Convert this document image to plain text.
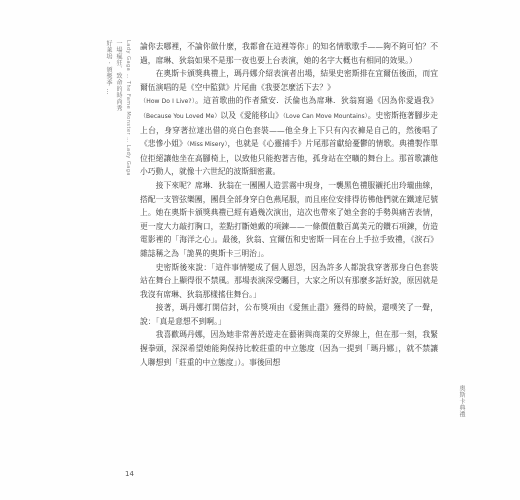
好萊塢 · 頒獎季 … 一場瘋狂、致命的時尚秀 Lady Gaga … The Fame Monster … Lady Gaga 論你去哪裡，不論你做什麼，我都會在這裡等你」的知名情歌歌手——夠不夠可怕？不過，席琳、狄翁如果不是那一夜也要上台表演，她的名字大概也有相同的效果。）

在奧斯卡頒獎典禮上，瑪丹娜介紹表演者出場，結果史密斯排在宜爾伍後面，而宜爾伍演唱的是《空中監獄》片尾曲《我要怎麼活下去？》

（How Do I Live?）。這首歌曲的作者黛安．沃倫也為席琳．狄翁寫過《因為你愛過我》（Because You Loved Me）以及《愛能移山》（Love Can Move Mountains）。史密斯拖著腳步走上台，身穿著拉達出借的亮白色套裝——他全身上下只有內衣褲是自己的，然後唱了《悲慘小姐》（Miss Misery），也就是《心靈捕手》片尾那首獻給憂鬱的情歌。典禮製作單位拒絕讓他坐在高腳椅上，以致他只能抱著吉他，孤身站在空曠的舞台上。那首歌讓他小巧動人，就像十六世紀的波斯細密畫。

接下來呢？席琳．狄翁在一團團人造雲霧中現身，一襲黑色禮服襯托出玲瓏曲線，搭配一支管弦樂團，團員全部身穿白色燕尾服，而且座位安排得彷彿他們就在鐵達尼號上。她在奧斯卡頒獎典禮已經有過幾次演出，這次也帶來了她全套的手勢與痛苦表情，更一度大力敲打胸口，差點打斷她戴的項鍊——一條價值數百萬美元的鑽石項鍊，仿造電影裡的「海洋之心」。最後，狄翁、宜爾伍和史密斯一同在台上手拉手致禮，《淚石》雜誌稱之為「詭異的奧斯卡三明治」。

史密斯後來說：「這件事情變成了個人恩怨，因為許多人都說我穿著那身白色套裝站在舞台上顯得很不禁風。那場表演深受矚目，大家之所以有那麼多話好說，原因就是我沒有席琳、狄翁那樣搖住舞台。」

接著，瑪丹娜打開信封，公布獎項由《愛無止盡》獲得的時候，還噗笑了一聲，說：「真是意想不到啊。」

我喜歡瑪丹娜，因為她非常善於遊走在藝術與商業的交界線上，但在那一刻，我緊握拳頭，深深希望她能夠保持比較莊重的中立態度（因為一提到「瑪丹娜」，就不禁讓人聯想到「莊重的中立態度」）。事後回想

奧斯卡典禮
14
